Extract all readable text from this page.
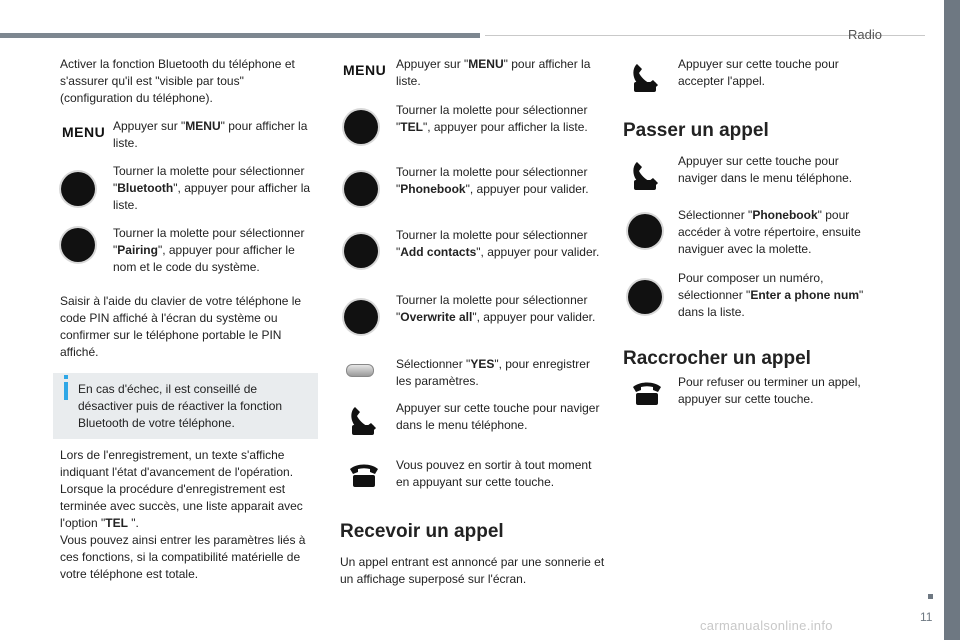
Radio
11
carmanualsonline.info
Activer la fonction Bluetooth du téléphone et s'assurer qu'il est "visible par tous" (configuration du téléphone).
MENU Appuyer sur "MENU" pour afficher la liste.
Tourner la molette pour sélectionner "Bluetooth", appuyer pour afficher la liste.
Tourner la molette pour sélectionner "Pairing", appuyer pour afficher le nom et le code du système.
Saisir à l'aide du clavier de votre téléphone le code PIN affiché à l'écran du système ou confirmer sur le téléphone portable le PIN affiché.
En cas d'échec, il est conseillé de désactiver puis de réactiver la fonction Bluetooth de votre téléphone.
Lors de l'enregistrement, un texte s'affiche indiquant l'état d'avancement de l'opération. Lorsque la procédure d'enregistrement est terminée avec succès, une liste apparait avec l'option "TEL ".
Vous pouvez ainsi entrer les paramètres liés à ces fonctions, si la compatibilité matérielle de votre téléphone est totale.
MENU Appuyer sur "MENU" pour afficher la liste.
Tourner la molette pour sélectionner "TEL", appuyer pour afficher la liste.
Tourner la molette pour sélectionner "Phonebook", appuyer pour valider.
Tourner la molette pour sélectionner "Add contacts", appuyer pour valider.
Tourner la molette pour sélectionner "Overwrite all", appuyer pour valider.
Sélectionner "YES", pour enregistrer les paramètres.
Appuyer sur cette touche pour naviger dans le menu téléphone.
Vous pouvez en sortir à tout moment en appuyant sur cette touche.
Recevoir un appel
Un appel entrant est annoncé par une sonnerie et un affichage superposé sur l'écran.
Appuyer sur cette touche pour accepter l'appel.
Passer un appel
Appuyer sur cette touche pour naviger dans le menu téléphone.
Sélectionner "Phonebook" pour accéder à votre répertoire, ensuite naviguer avec la molette.
Pour composer un numéro, sélectionner "Enter a phone num" dans la liste.
Raccrocher un appel
Pour refuser ou terminer un appel, appuyer sur cette touche.
